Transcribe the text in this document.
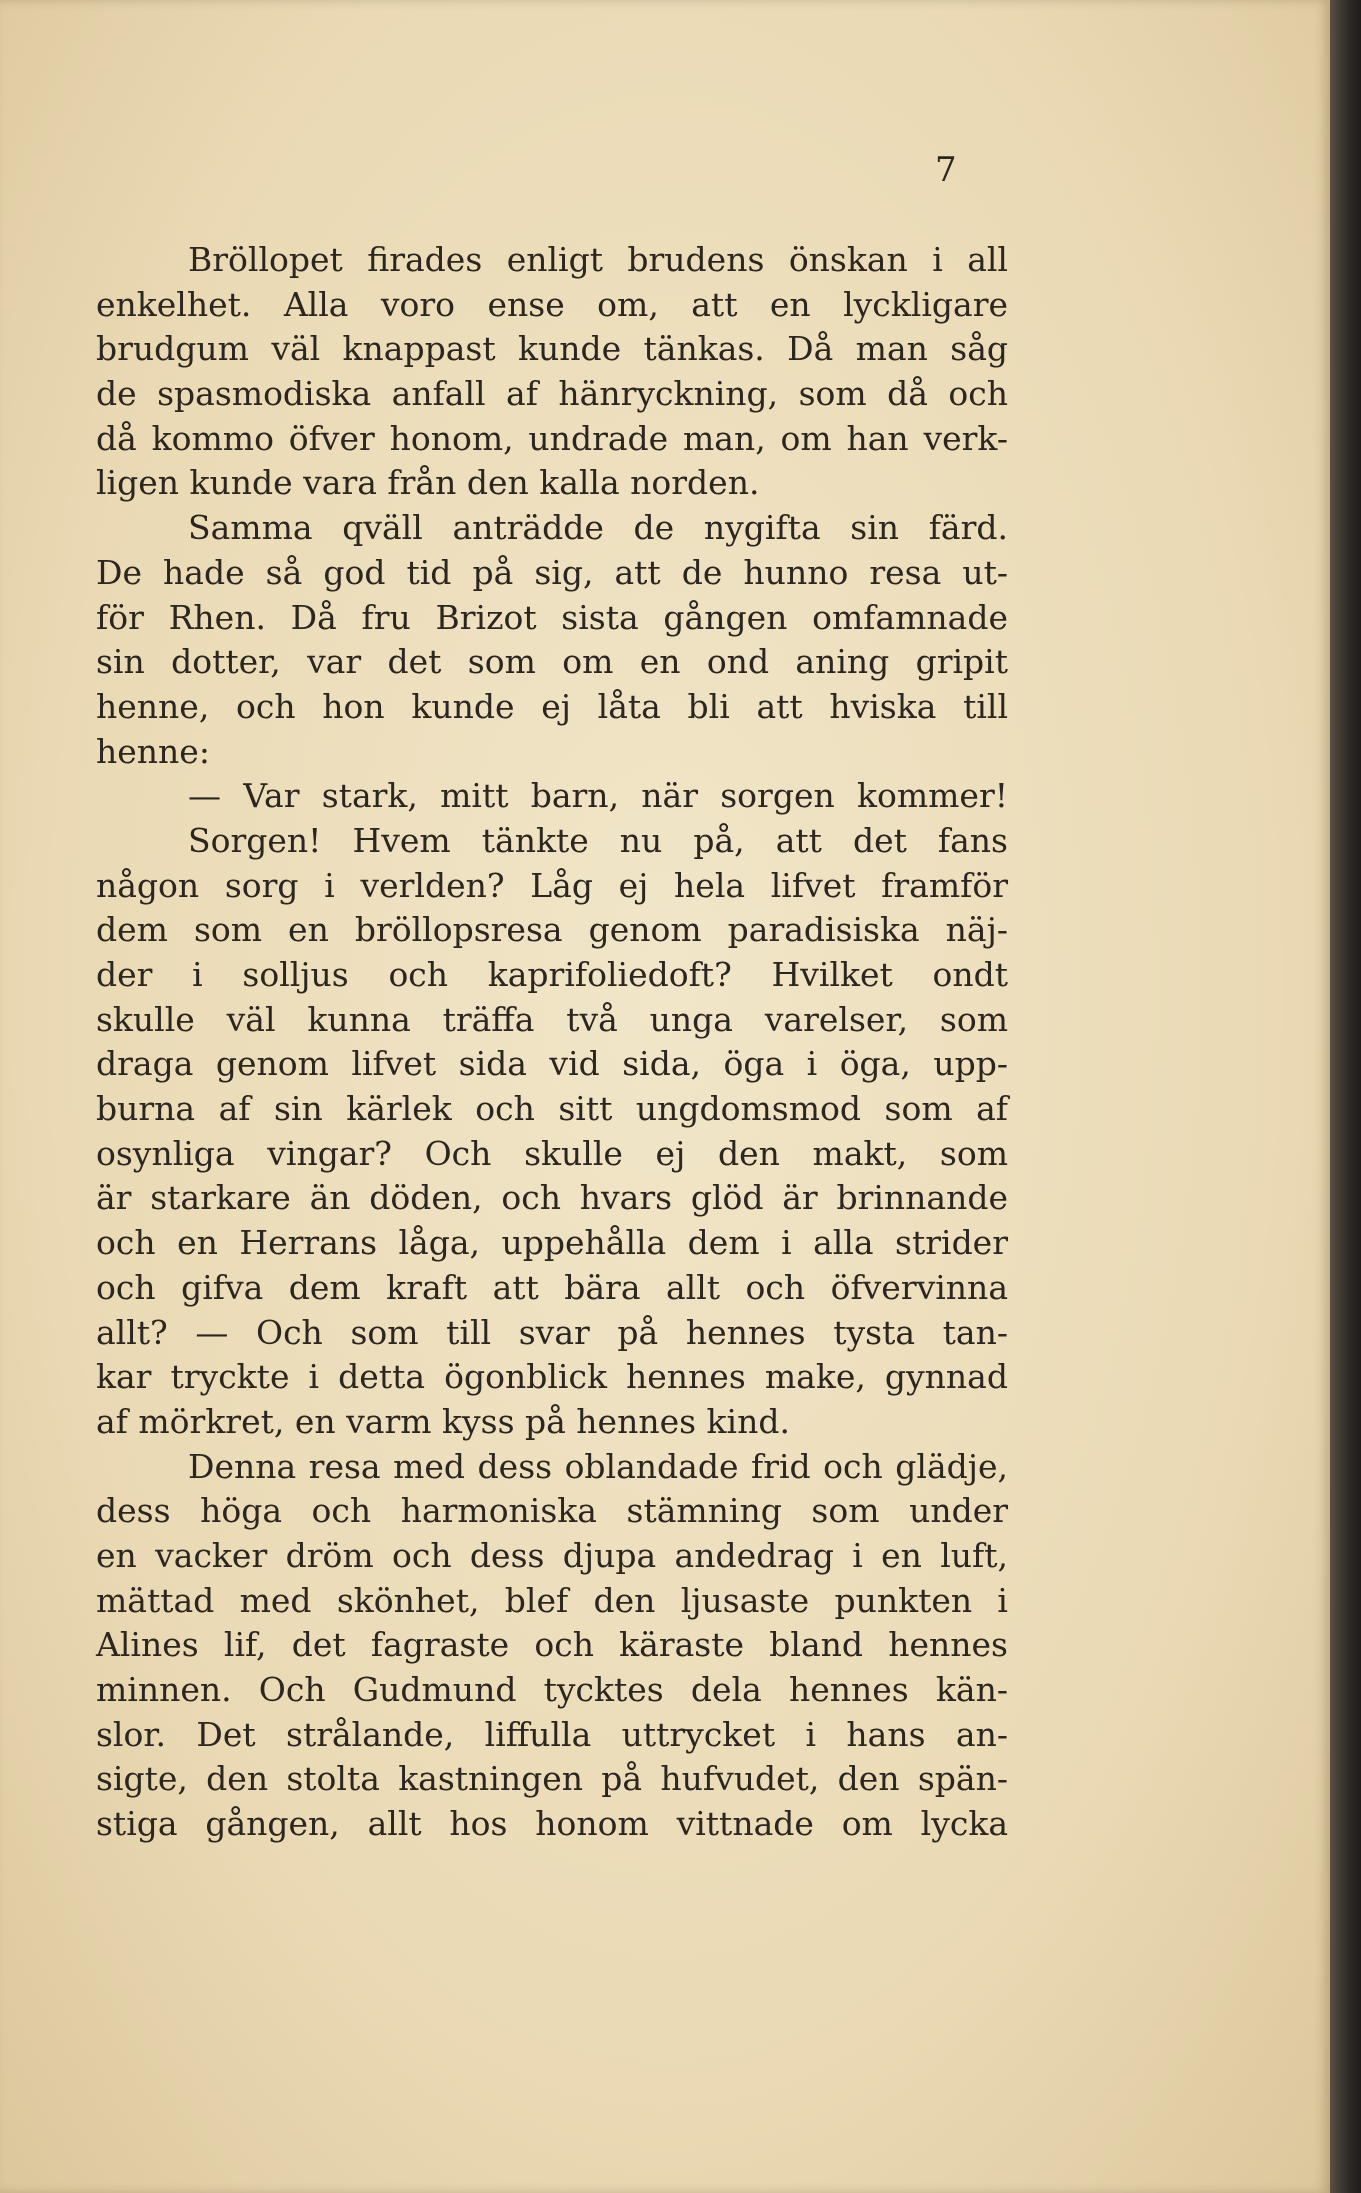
7
Bröllopet firades enligt brudens önskan i all
enkelhet. Alla voro ense om, att en lyckligare
brudgum väl knappast kunde tänkas. Då man såg
de spasmodiska anfall af hänryckning, som då och
då kommo öfver honom, undrade man, om han verk-
ligen kunde vara från den kalla norden.
Samma qväll anträdde de nygifta sin färd.
De hade så god tid på sig, att de hunno resa ut-
för Rhen. Då fru Brizot sista gången omfamnade
sin dotter, var det som om en ond aning gripit
henne, och hon kunde ej låta bli att hviska till
henne:
— Var stark, mitt barn, när sorgen kommer!
Sorgen! Hvem tänkte nu på, att det fans
någon sorg i verlden? Låg ej hela lifvet framför
dem som en bröllopsresa genom paradisiska näj-
der i solljus och kaprifoliedoft? Hvilket ondt
skulle väl kunna träffa två unga varelser, som
draga genom lifvet sida vid sida, öga i öga, upp-
burna af sin kärlek och sitt ungdomsmod som af
osynliga vingar? Och skulle ej den makt, som
är starkare än döden, och hvars glöd är brinnande
och en Herrans låga, uppehålla dem i alla strider
och gifva dem kraft att bära allt och öfvervinna
allt? — Och som till svar på hennes tysta tan-
kar tryckte i detta ögonblick hennes make, gynnad
af mörkret, en varm kyss på hennes kind.
Denna resa med dess oblandade frid och glädje,
dess höga och harmoniska stämning som under
en vacker dröm och dess djupa andedrag i en luft,
mättad med skönhet, blef den ljusaste punkten i
Alines lif, det fagraste och käraste bland hennes
minnen. Och Gudmund tycktes dela hennes kän-
slor. Det strålande, liffulla uttrycket i hans an-
sigte, den stolta kastningen på hufvudet, den spän-
stiga gången, allt hos honom vittnade om lycka
